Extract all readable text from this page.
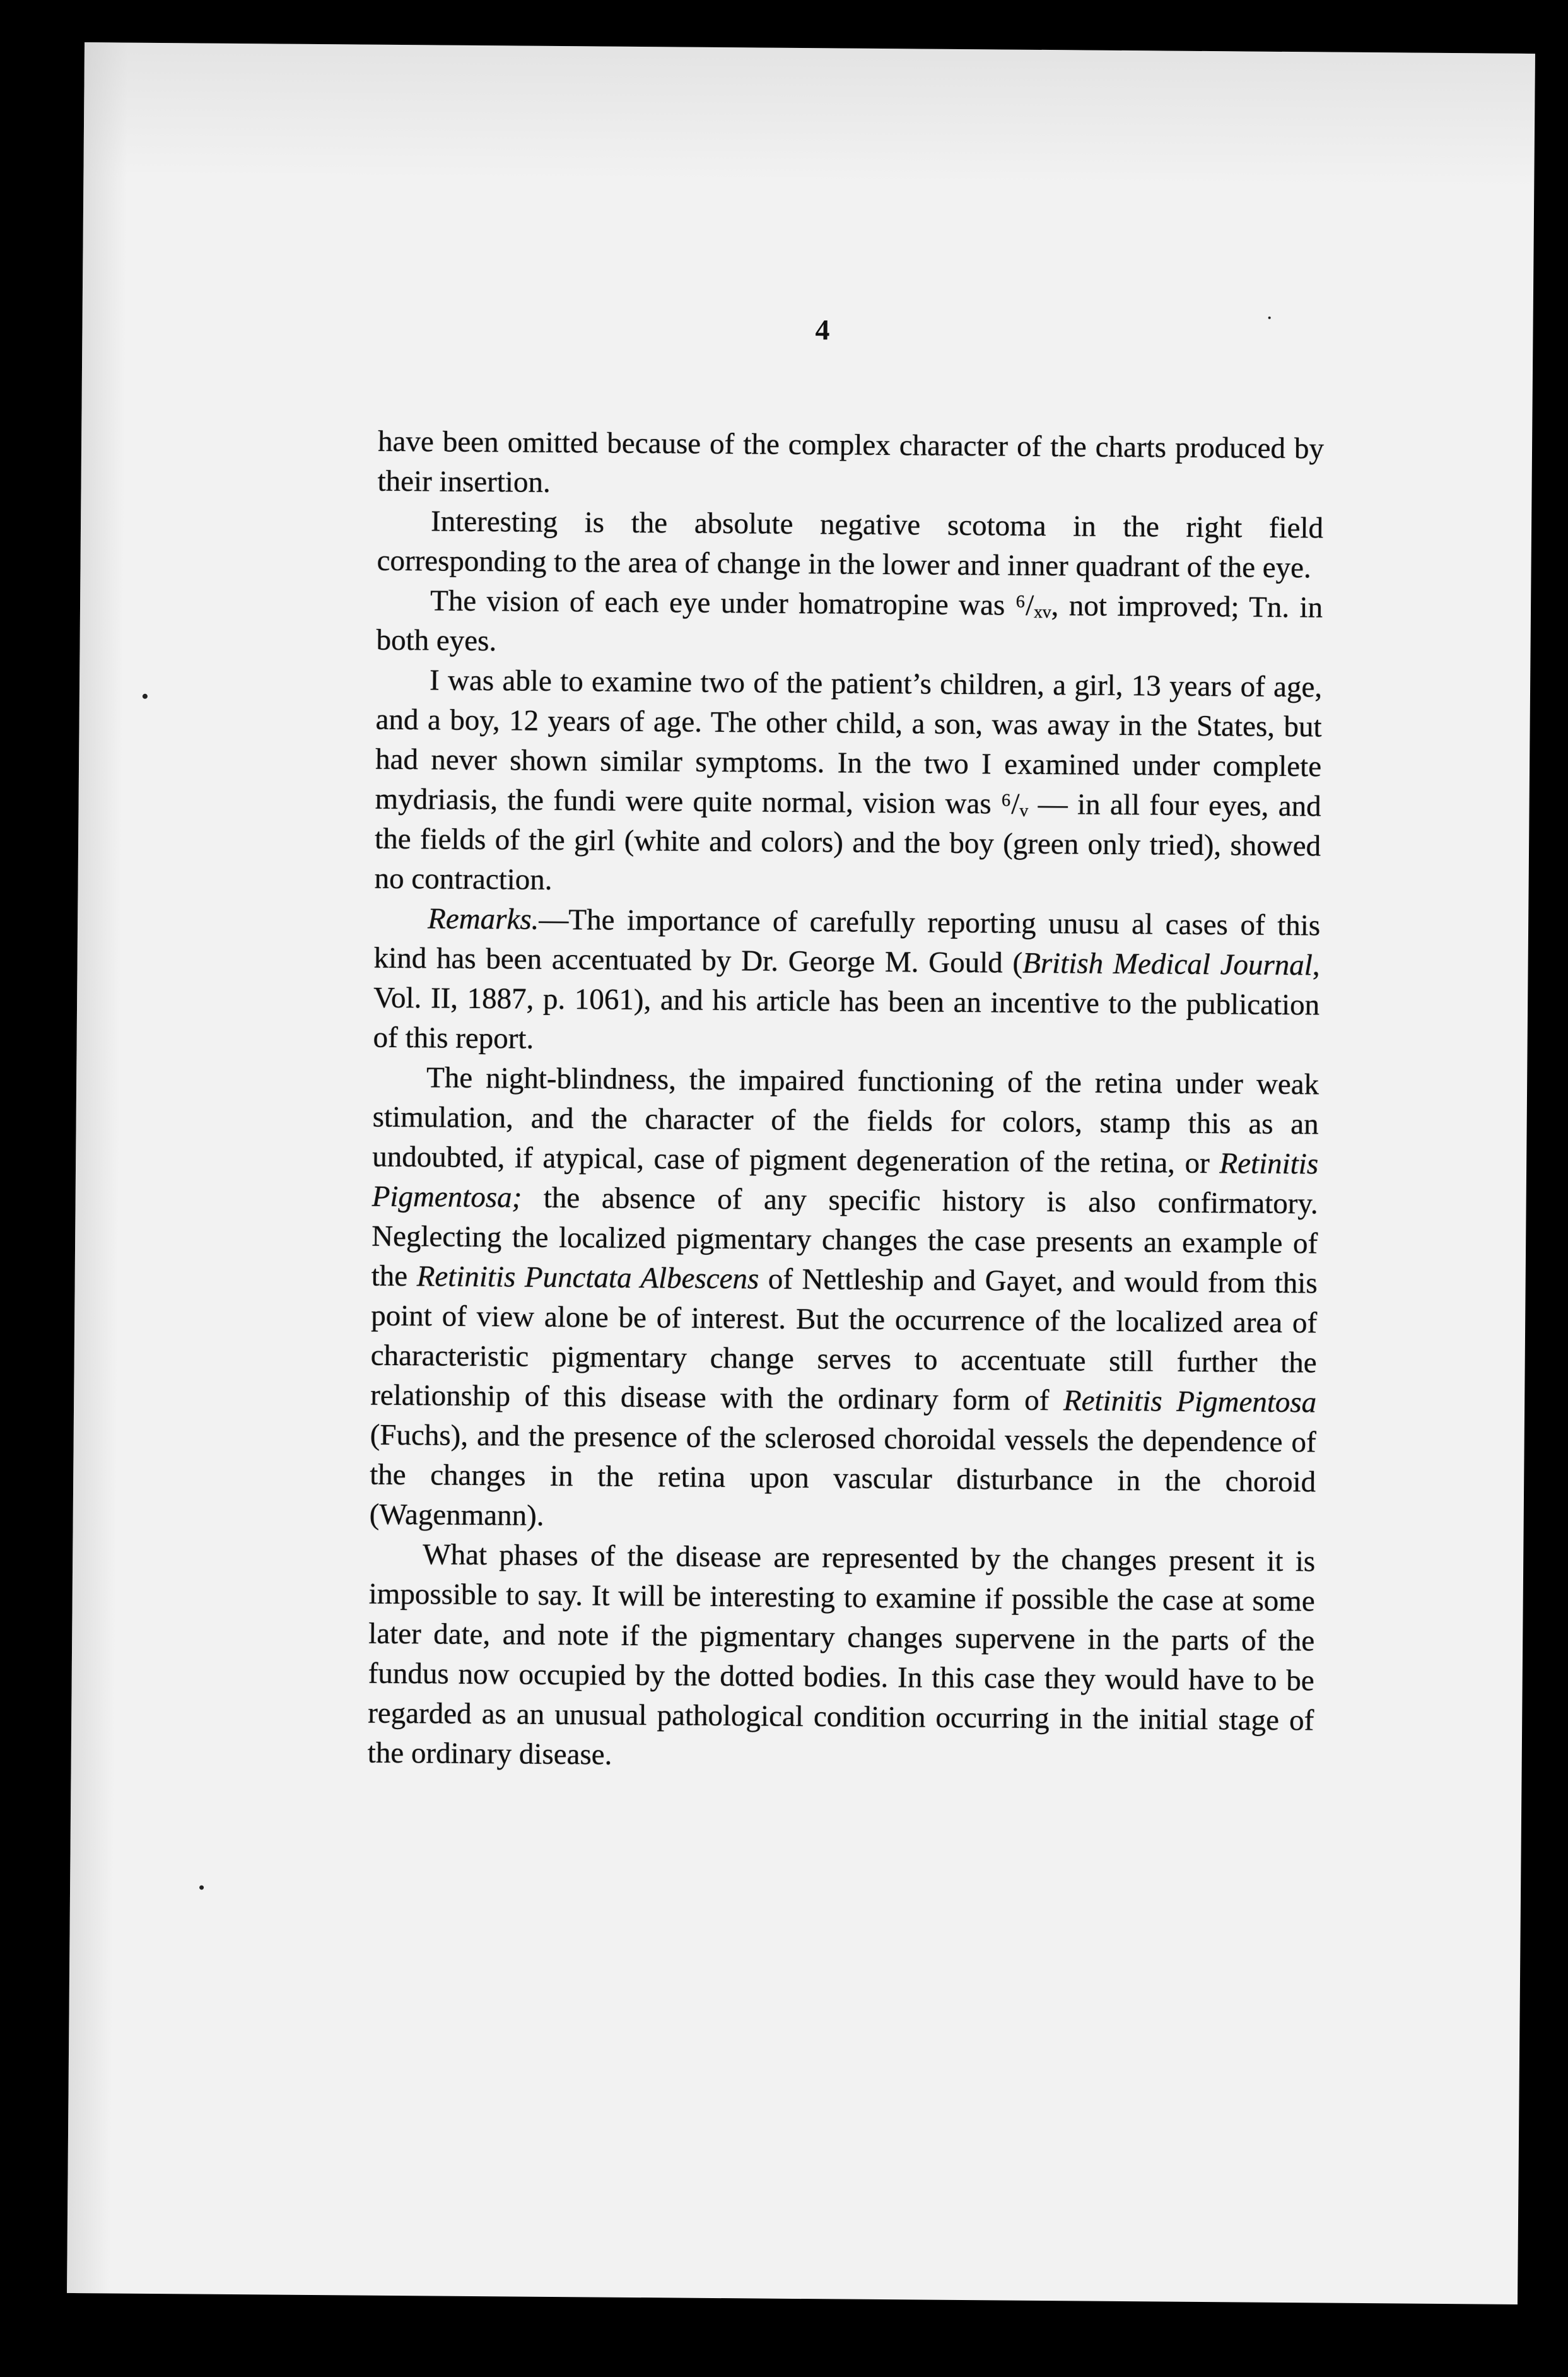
4

have been omitted because of the complex character of the charts produced by their insertion.

Interesting is the absolute negative scotoma in the right field corresponding to the area of change in the lower and inner quadrant of the eye.

The vision of each eye under homatropine was ⁶/ₓᵥ, not improved; Tn. in both eyes.

I was able to examine two of the patient’s children, a girl, 13 years of age, and a boy, 12 years of age. The other child, a son, was away in the States, but had never shown similar symptoms. In the two I examined under complete mydriasis, the fundi were quite normal, vision was ⁶/ᵥ — in all four eyes, and the fields of the girl (white and colors) and the boy (green only tried), showed no contraction.

Remarks.—The importance of carefully reporting unusu al cases of this kind has been accentuated by Dr. George M. Gould (British Medical Journal, Vol. II, 1887, p. 1061), and his article has been an incentive to the publication of this report.

The night-blindness, the impaired functioning of the retina under weak stimulation, and the character of the fields for colors, stamp this as an undoubted, if atypical, case of pigment degeneration of the retina, or Retinitis Pigmentosa; the absence of any specific history is also confirmatory. Neglecting the localized pigmentary changes the case presents an example of the Retinitis Punctata Albescens of Nettleship and Gayet, and would from this point of view alone be of interest. But the occurrence of the localized area of characteristic pigmentary change serves to accentuate still further the relationship of this disease with the ordinary form of Retinitis Pigmentosa (Fuchs), and the presence of the sclerosed choroidal vessels the dependence of the changes in the retina upon vascular disturbance in the choroid (Wagenmann).

What phases of the disease are represented by the changes present it is impossible to say. It will be interesting to examine if possible the case at some later date, and note if the pigmentary changes supervene in the parts of the fundus now occupied by the dotted bodies. In this case they would have to be regarded as an unusual pathological condition occurring in the initial stage of the ordinary disease.
